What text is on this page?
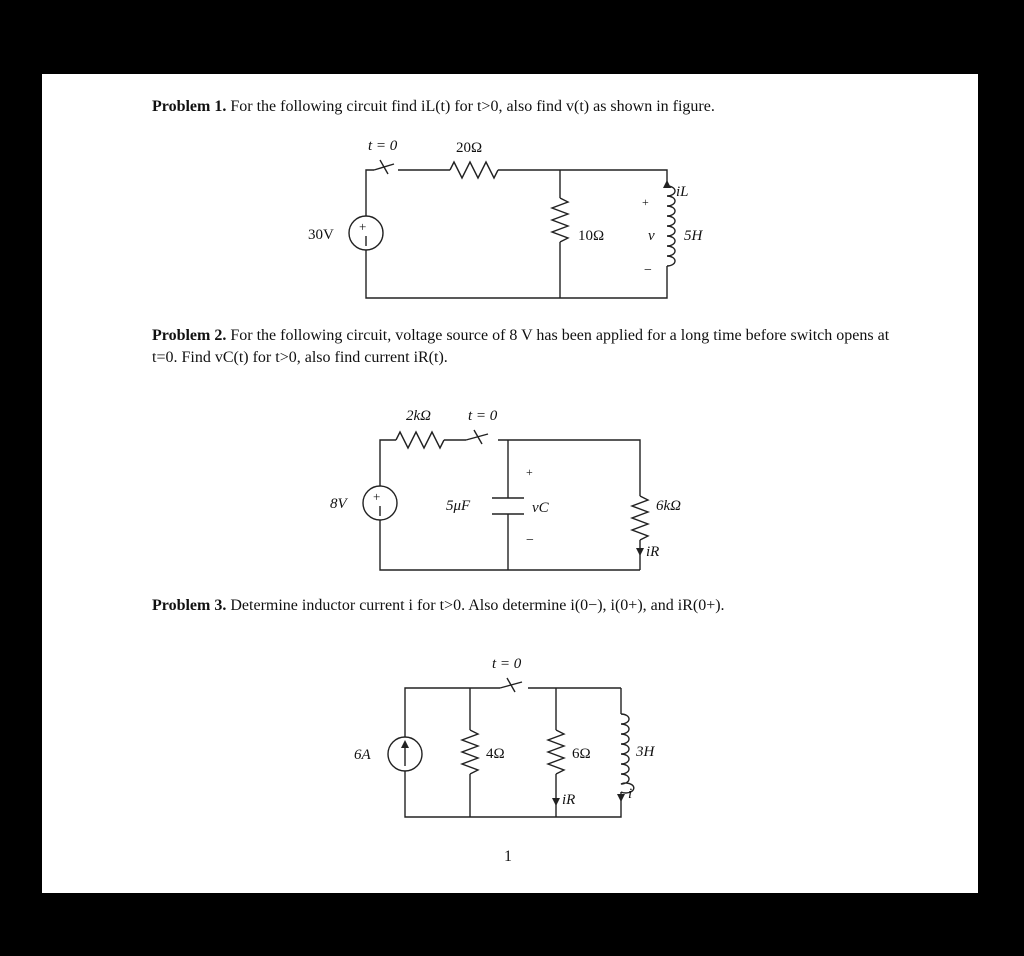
Problem 1. For the following circuit find iL(t) for t>0, also find v(t) as shown in figure.
Problem 2. For the following circuit, voltage source of 8 V has been applied for a long time before switch opens at t=0. Find vC(t) for t>0, also find current iR(t).
Problem 3. Determine inductor current i for t>0. Also determine i(0−), i(0+), and iR(0+).
t = 0	20Ω
+
30V	10Ω	5H
iL
+
v
−
2kΩ t = 0
+
8V	5μF
+
vC
−
6kΩ
iR
t = 0
6A	4Ω	6Ω	3H
iR	i
1
